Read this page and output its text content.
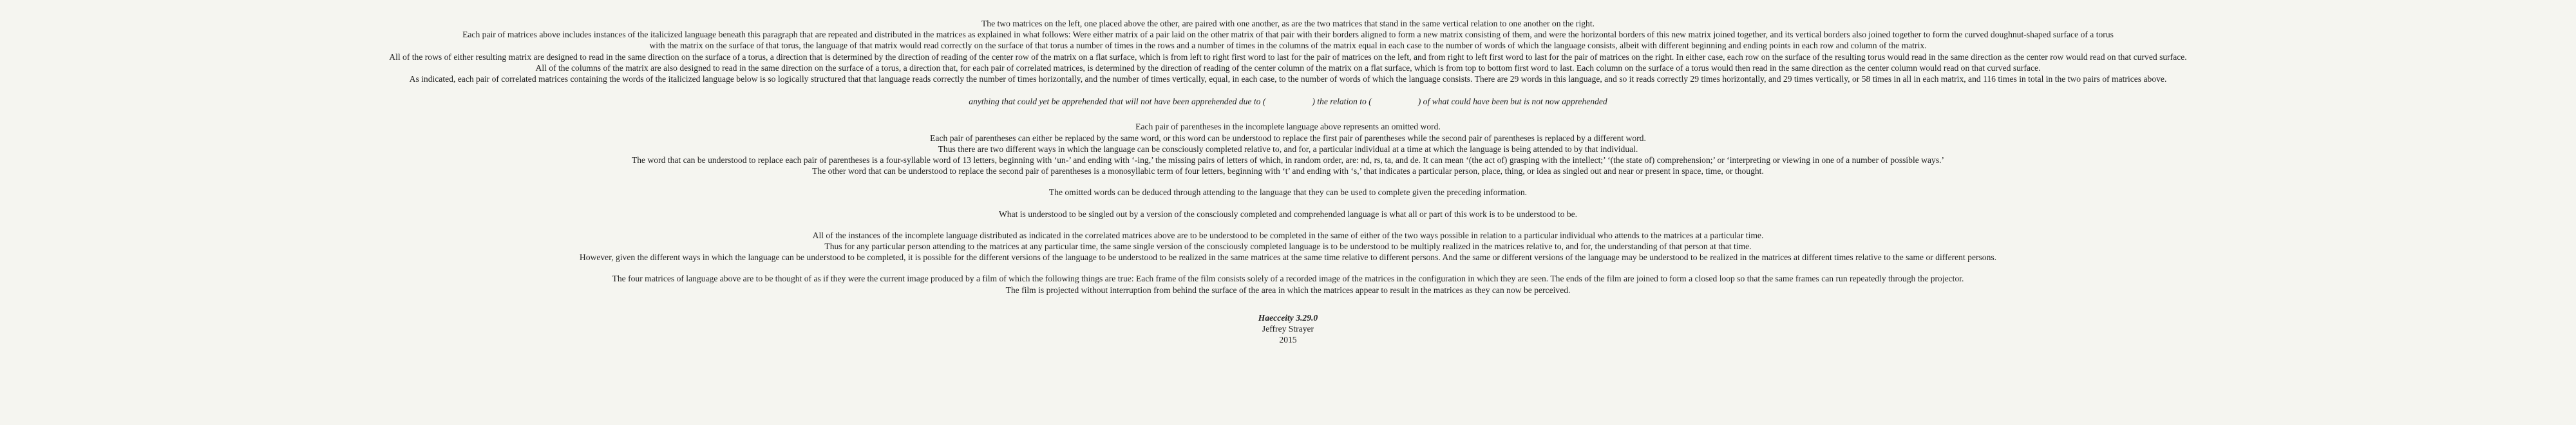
The two matrices on the left, one placed above the other, are paired with one another, as are the two matrices that stand in the same vertical relation to one another on the right.

Each pair of matrices above includes instances of the italicized language beneath this paragraph that are repeated and distributed in the matrices as explained in what follows: Were either matrix of a pair laid on the other matrix of that pair with their borders aligned to form a new matrix consisting of them, and were the horizontal borders of this new matrix joined together, and its vertical borders also joined together to form the curved doughnut-shaped surface of a torus

with the matrix on the surface of that torus, the language of that matrix would read correctly on the surface of that torus a number of times in the rows and a number of times in the columns of the matrix equal in each case to the number of words of which the language consists, albeit with different beginning and ending points in each row and column of the matrix.

All of the rows of either resulting matrix are designed to read in the same direction on the surface of a torus, a direction that is determined by the direction of reading of the center row of the matrix on a flat surface, which is from left to right first word to last for the pair of matrices on the left, and from right to left first word to last for the pair of matrices on the right. In either case, each row on the surface of the resulting torus would read in the same direction as the center row would read on that curved surface.

All of the columns of the matrix are also designed to read in the same direction on the surface of a torus, a direction that, for each pair of correlated matrices, is determined by the direction of reading of the center column of the matrix on a flat surface, which is from top to bottom first word to last. Each column on the surface of a torus would then read in the same direction as the center column would read on that curved surface.

As indicated, each pair of correlated matrices containing the words of the italicized language below is so logically structured that that language reads correctly the number of times horizontally, and the number of times vertically, equal, in each case, to the number of words of which the language consists. There are 29 words in this language, and so it reads correctly 29 times horizontally, and 29 times vertically, or 58 times in all in each matrix, and 116 times in total in the two pairs of matrices above.

anything that could yet be apprehended that will not have been apprehended due to (	) the relation to (	) of what could have been but is not now apprehended

Each pair of parentheses in the incomplete language above represents an omitted word.

Each pair of parentheses can either be replaced by the same word, or this word can be understood to replace the first pair of parentheses while the second pair of parentheses is replaced by a different word.

Thus there are two different ways in which the language can be consciously completed relative to, and for, a particular individual at a time at which the language is being attended to by that individual.

The word that can be understood to replace each pair of parentheses is a four-syllable word of 13 letters, beginning with ‘un-’ and ending with ‘-ing,’ the missing pairs of letters of which, in random order, are: nd, rs, ta, and de. It can mean ‘(the act of) grasping with the intellect;’ ‘(the state of) comprehension;’ or ‘interpreting or viewing in one of a number of possible ways.’

The other word that can be understood to replace the second pair of parentheses is a monosyllabic term of four letters, beginning with ‘t’ and ending with ‘s,’ that indicates a particular person, place, thing, or idea as singled out and near or present in space, time, or thought.

The omitted words can be deduced through attending to the language that they can be used to complete given the preceding information.

What is understood to be singled out by a version of the consciously completed and comprehended language is what all or part of this work is to be understood to be.

All of the instances of the incomplete language distributed as indicated in the correlated matrices above are to be understood to be completed in the same of either of the two ways possible in relation to a particular individual who attends to the matrices at a particular time.

Thus for any particular person attending to the matrices at any particular time, the same single version of the consciously completed language is to be understood to be multiply realized in the matrices relative to, and for, the understanding of that person at that time.

However, given the different ways in which the language can be understood to be completed, it is possible for the different versions of the language to be understood to be realized in the same matrices at the same time relative to different persons. And the same or different versions of the language may be understood to be realized in the matrices at different times relative to the same or different persons.

The four matrices of language above are to be thought of as if they were the current image produced by a film of which the following things are true: Each frame of the film consists solely of a recorded image of the matrices in the configuration in which they are seen. The ends of the film are joined to form a closed loop so that the same frames can run repeatedly through the projector.

The film is projected without interruption from behind the surface of the area in which the matrices appear to result in the matrices as they can now be perceived.

Haecceity 3.29.0

Jeffrey Strayer

2015
